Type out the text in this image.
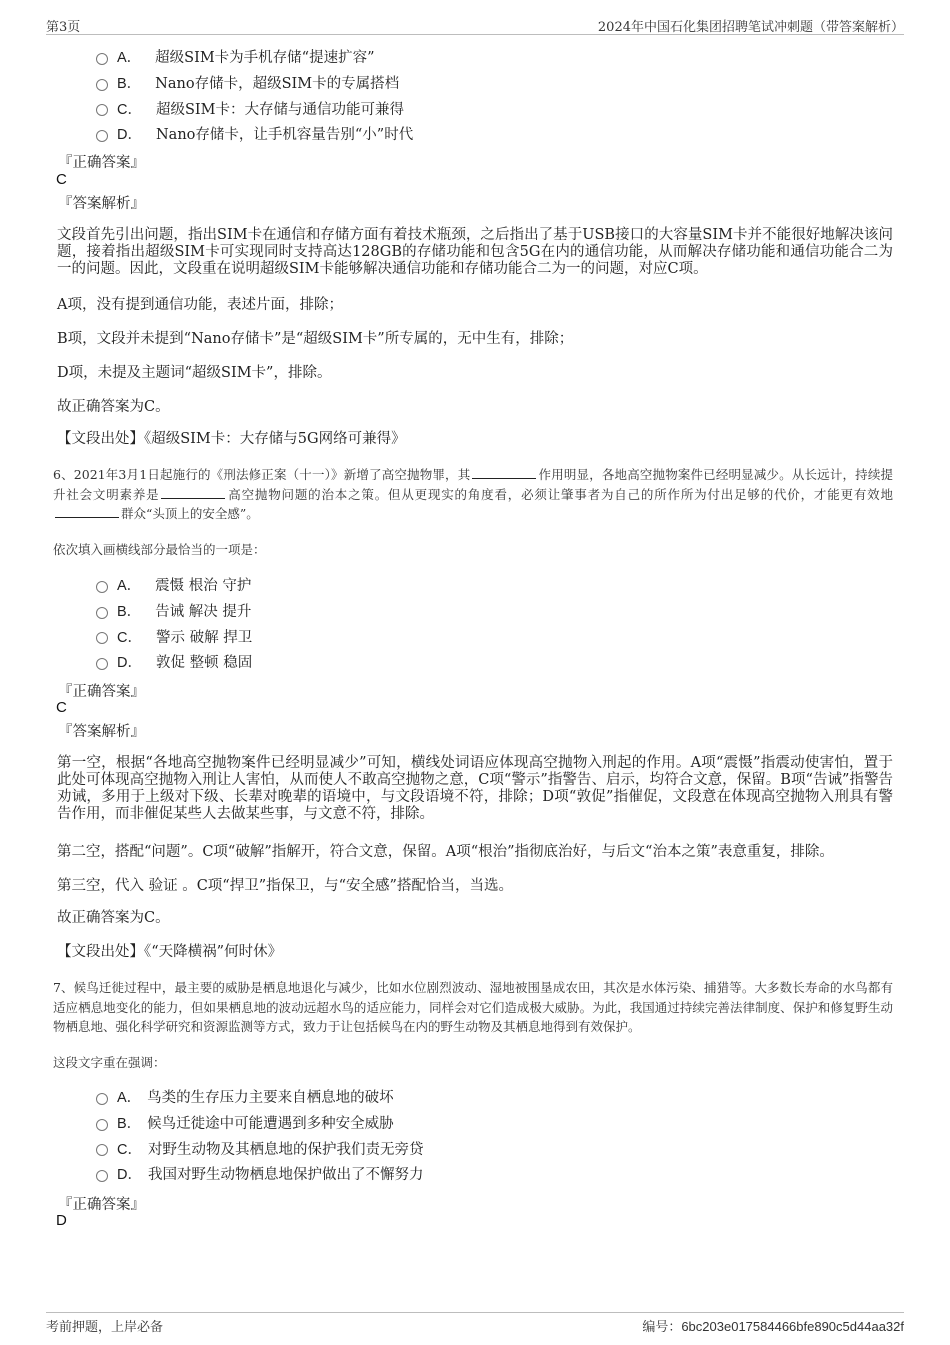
第3页	2024年中国石化集团招聘笔试冲刺题（带答案解析）
A． 超级SIM卡为手机存储“提速扩容”
B． Nano存储卡，超级SIM卡的专属搭档
C． 超级SIM卡：大存储与通信功能可兼得
D． Nano存储卡，让手机容量告别“小”时代
『正确答案』
C
『答案解析』
文段首先引出问题，指出SIM卡在通信和存储方面有着技术瓶颈，之后指出了基于USB接口的大容量SIM卡并不能很好地解决该问题，接着指出超级SIM卡可实现同时支持高达128GB的存储功能和包含5G在内的通信功能，从而解决存储功能和通信功能合二为一的问题。因此，文段重在说明超级SIM卡能够解决通信功能和存储功能合二为一的问题，对应C项。
A项，没有提到通信功能，表述片面，排除；
B项，文段并未提到“Nano存储卡”是“超级SIM卡”所专属的，无中生有，排除；
D项，未提及主题词“超级SIM卡”，排除。
故正确答案为C。
【文段出处】《超级SIM卡：大存储与5G网络可兼得》
6、2021年3月1日起施行的《刑法修正案（十一）》新增了高空抛物罪，其	作用明显，各地高空抛物案件已经明显减少。从长远计，持续提升社会文明素养是	高空抛物问题的治本之策。但从更现实的角度看，必须让肇事者为自己的所作所为付出足够的代价，才能更有效地群众“头顶上的安全感”。
依次填入画横线部分最恰当的一项是：
A． 震慑 根治 守护
B． 告诫 解决 提升
C． 警示 破解 捍卫
D． 敦促 整顿 稳固
『正确答案』
C
『答案解析』
第一空，根据“各地高空抛物案件已经明显减少”可知，横线处词语应体现高空抛物入刑起的作用。A项“震慑”指震动使害怕，置于此处可体现高空抛物入刑让人害怕，从而使人不敢高空抛物之意，C项“警示”指警告、启示，均符合文意，保留。B项“告诫”指警告劝诫，多用于上级对下级、长辈对晚辈的语境中，与文段语境不符，排除；D项“敦促”指催促，文段意在体现高空抛物入刑具有警告作用，而非催促某些人去做某些事，与文意不符，排除。
第二空，搭配“问题”。C项“破解”指解开，符合文意，保留。A项“根治”指彻底治好，与后文“治本之策”表意重复，排除。
第三空，代入 验证 。C项“捍卫”指保卫，与“安全感”搭配恰当，当选。
故正确答案为C。
【文段出处】《“天降横祸”何时休》
7、候鸟迁徙过程中，最主要的威胁是栖息地退化与减少，比如水位剧烈波动、湿地被围垦成农田，其次是水体污染、捕猎等。大多数长寿命的水鸟都有适应栖息地变化的能力，但如果栖息地的波动远超水鸟的适应能力，同样会对它们造成极大威胁。为此，我国通过持续完善法律制度、保护和修复野生动物栖息地、强化科学研究和资源监测等方式，致力于让包括候鸟在内的野生动物及其栖息地得到有效保护。
这段文字重在强调：
A． 鸟类的生存压力主要来自栖息地的破坏
B． 候鸟迁徙途中可能遭遇到多种安全威胁
C． 对野生动物及其栖息地的保护我们责无旁贷
D． 我国对野生动物栖息地保护做出了不懈努力
『正确答案』
D
考前押题，上岸必备	编号：6bc203e017584466bfe890c5d44aa32f
